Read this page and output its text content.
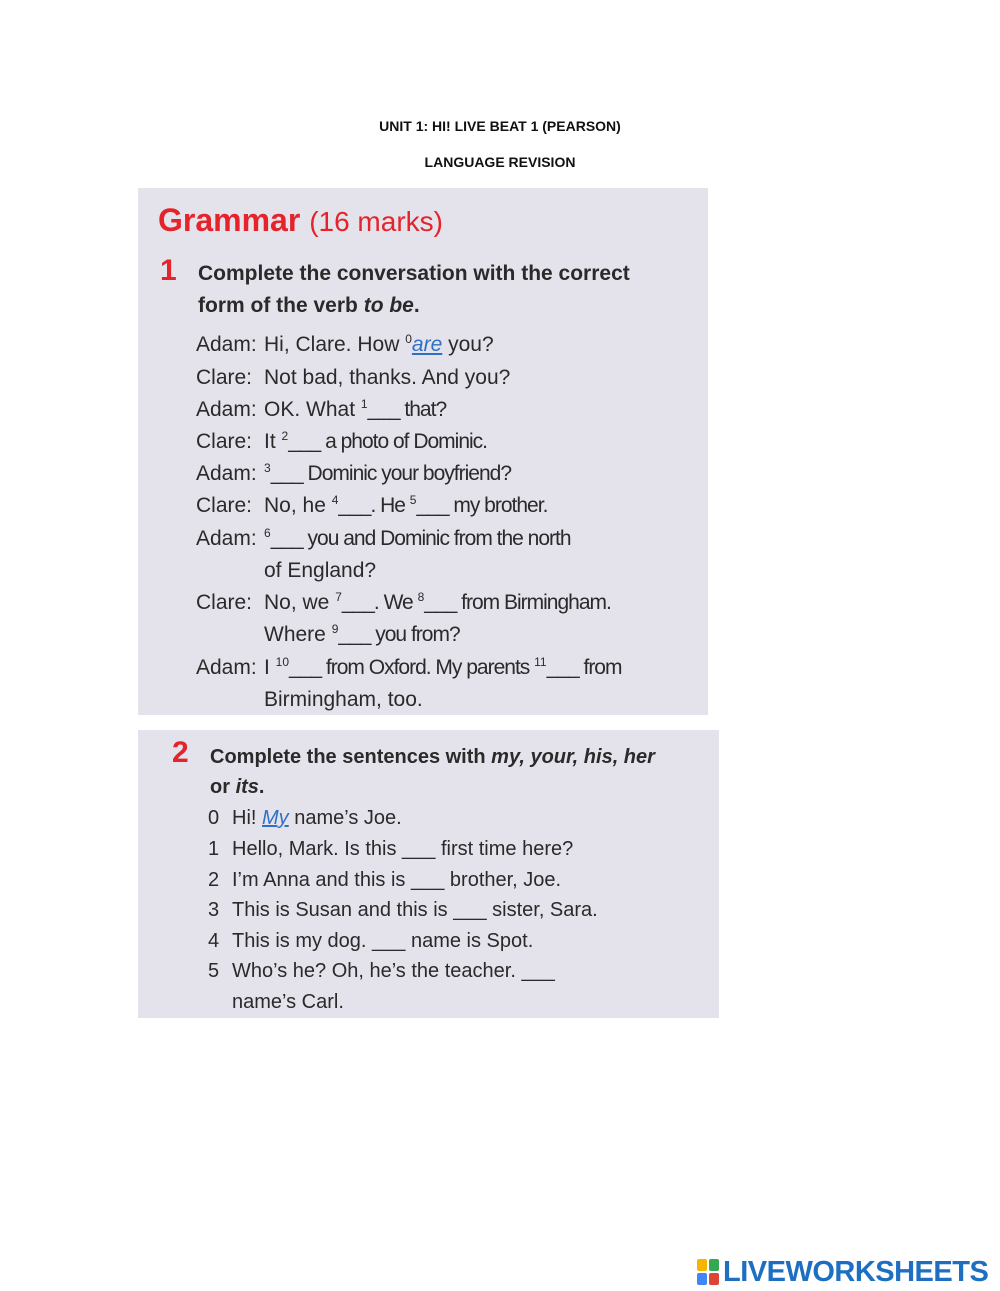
UNIT 1: HI! LIVE BEAT 1 (PEARSON)
LANGUAGE REVISION
Grammar (16 marks)
1 Complete the conversation with the correct
form of the verb to be.
Adam: Hi, Clare. How $^0$are you?
Clare: Not bad, thanks. And you?
Adam: OK. What $^1$___ that?
Clare: It $^2$___ a photo of Dominic.
Adam: $^3$___ Dominic your boyfriend?
Clare: No, he $^4$___. He $^5$___ my brother.
Adam: $^6$___ you and Dominic from the north
of England?
Clare: No, we $^7$___. We $^8$___ from Birmingham.
Where $^9$___ you from?
Adam: I $^{10}$___ from Oxford. My parents $^{11}$___ from
Birmingham, too.
2 Complete the sentences with my, your, his, her
or its.
0 Hi! My name’s Joe.
1 Hello, Mark. Is this ___ first time here?
2 I’m Anna and this is ___ brother, Joe.
3 This is Susan and this is ___ sister, Sara.
4 This is my dog. ___ name is Spot.
5 Who’s he? Oh, he’s the teacher. ___
name’s Carl.
LIVEWORKSHEETS
